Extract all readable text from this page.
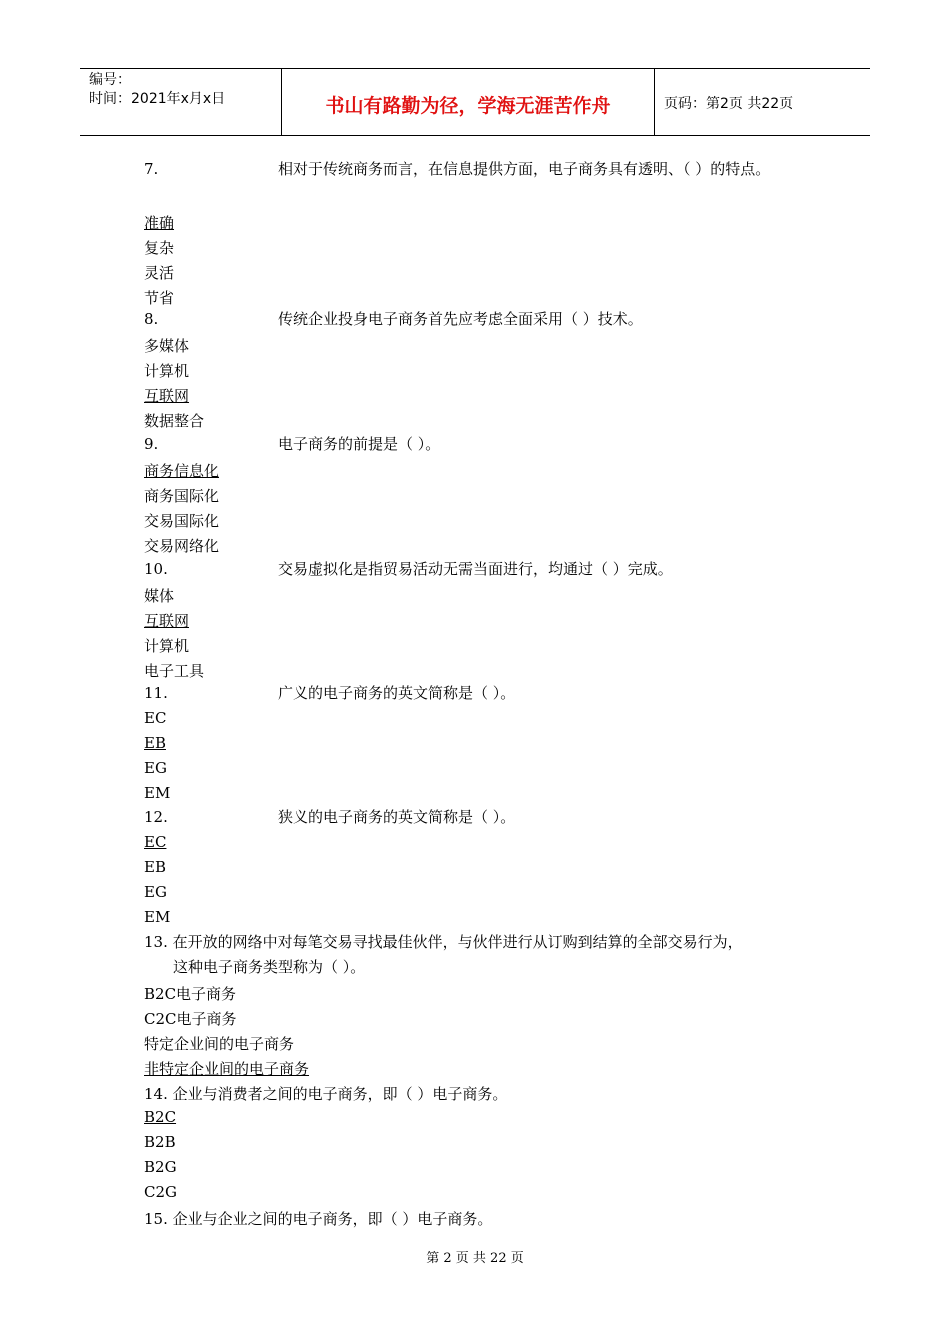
编号：
时间：2021年x月x日	书山有路勤为径，学海无涯苦作舟	页码：第2页 共22页
7.	相对于传统商务而言，在信息提供方面，电子商务具有透明、（ ）的特点。
准确
复杂
灵活
节省
8.	传统企业投身电子商务首先应考虑全面采用（ ）技术。
多媒体
计算机
互联网
数据整合
9.	电子商务的前提是（ ）。
商务信息化
商务国际化
交易国际化
交易网络化
10.	交易虚拟化是指贸易活动无需当面进行，均通过（ ）完成。
媒体
互联网
计算机
电子工具
11.	广义的电子商务的英文简称是（ ）。
EC
EB
EG
EM
12.	狭义的电子商务的英文简称是（ ）。
EC
EB
EG
EM
13. 在开放的网络中对每笔交易寻找最佳伙伴，与伙伴进行从订购到结算的全部交易行为，
这种电子商务类型称为（ ）。
B2C电子商务
C2C电子商务
特定企业间的电子商务
非特定企业间的电子商务
14. 企业与消费者之间的电子商务，即（ ）电子商务。
B2C
B2B
B2G
C2G
15. 企业与企业之间的电子商务，即（ ）电子商务。
第 2 页 共 22 页
